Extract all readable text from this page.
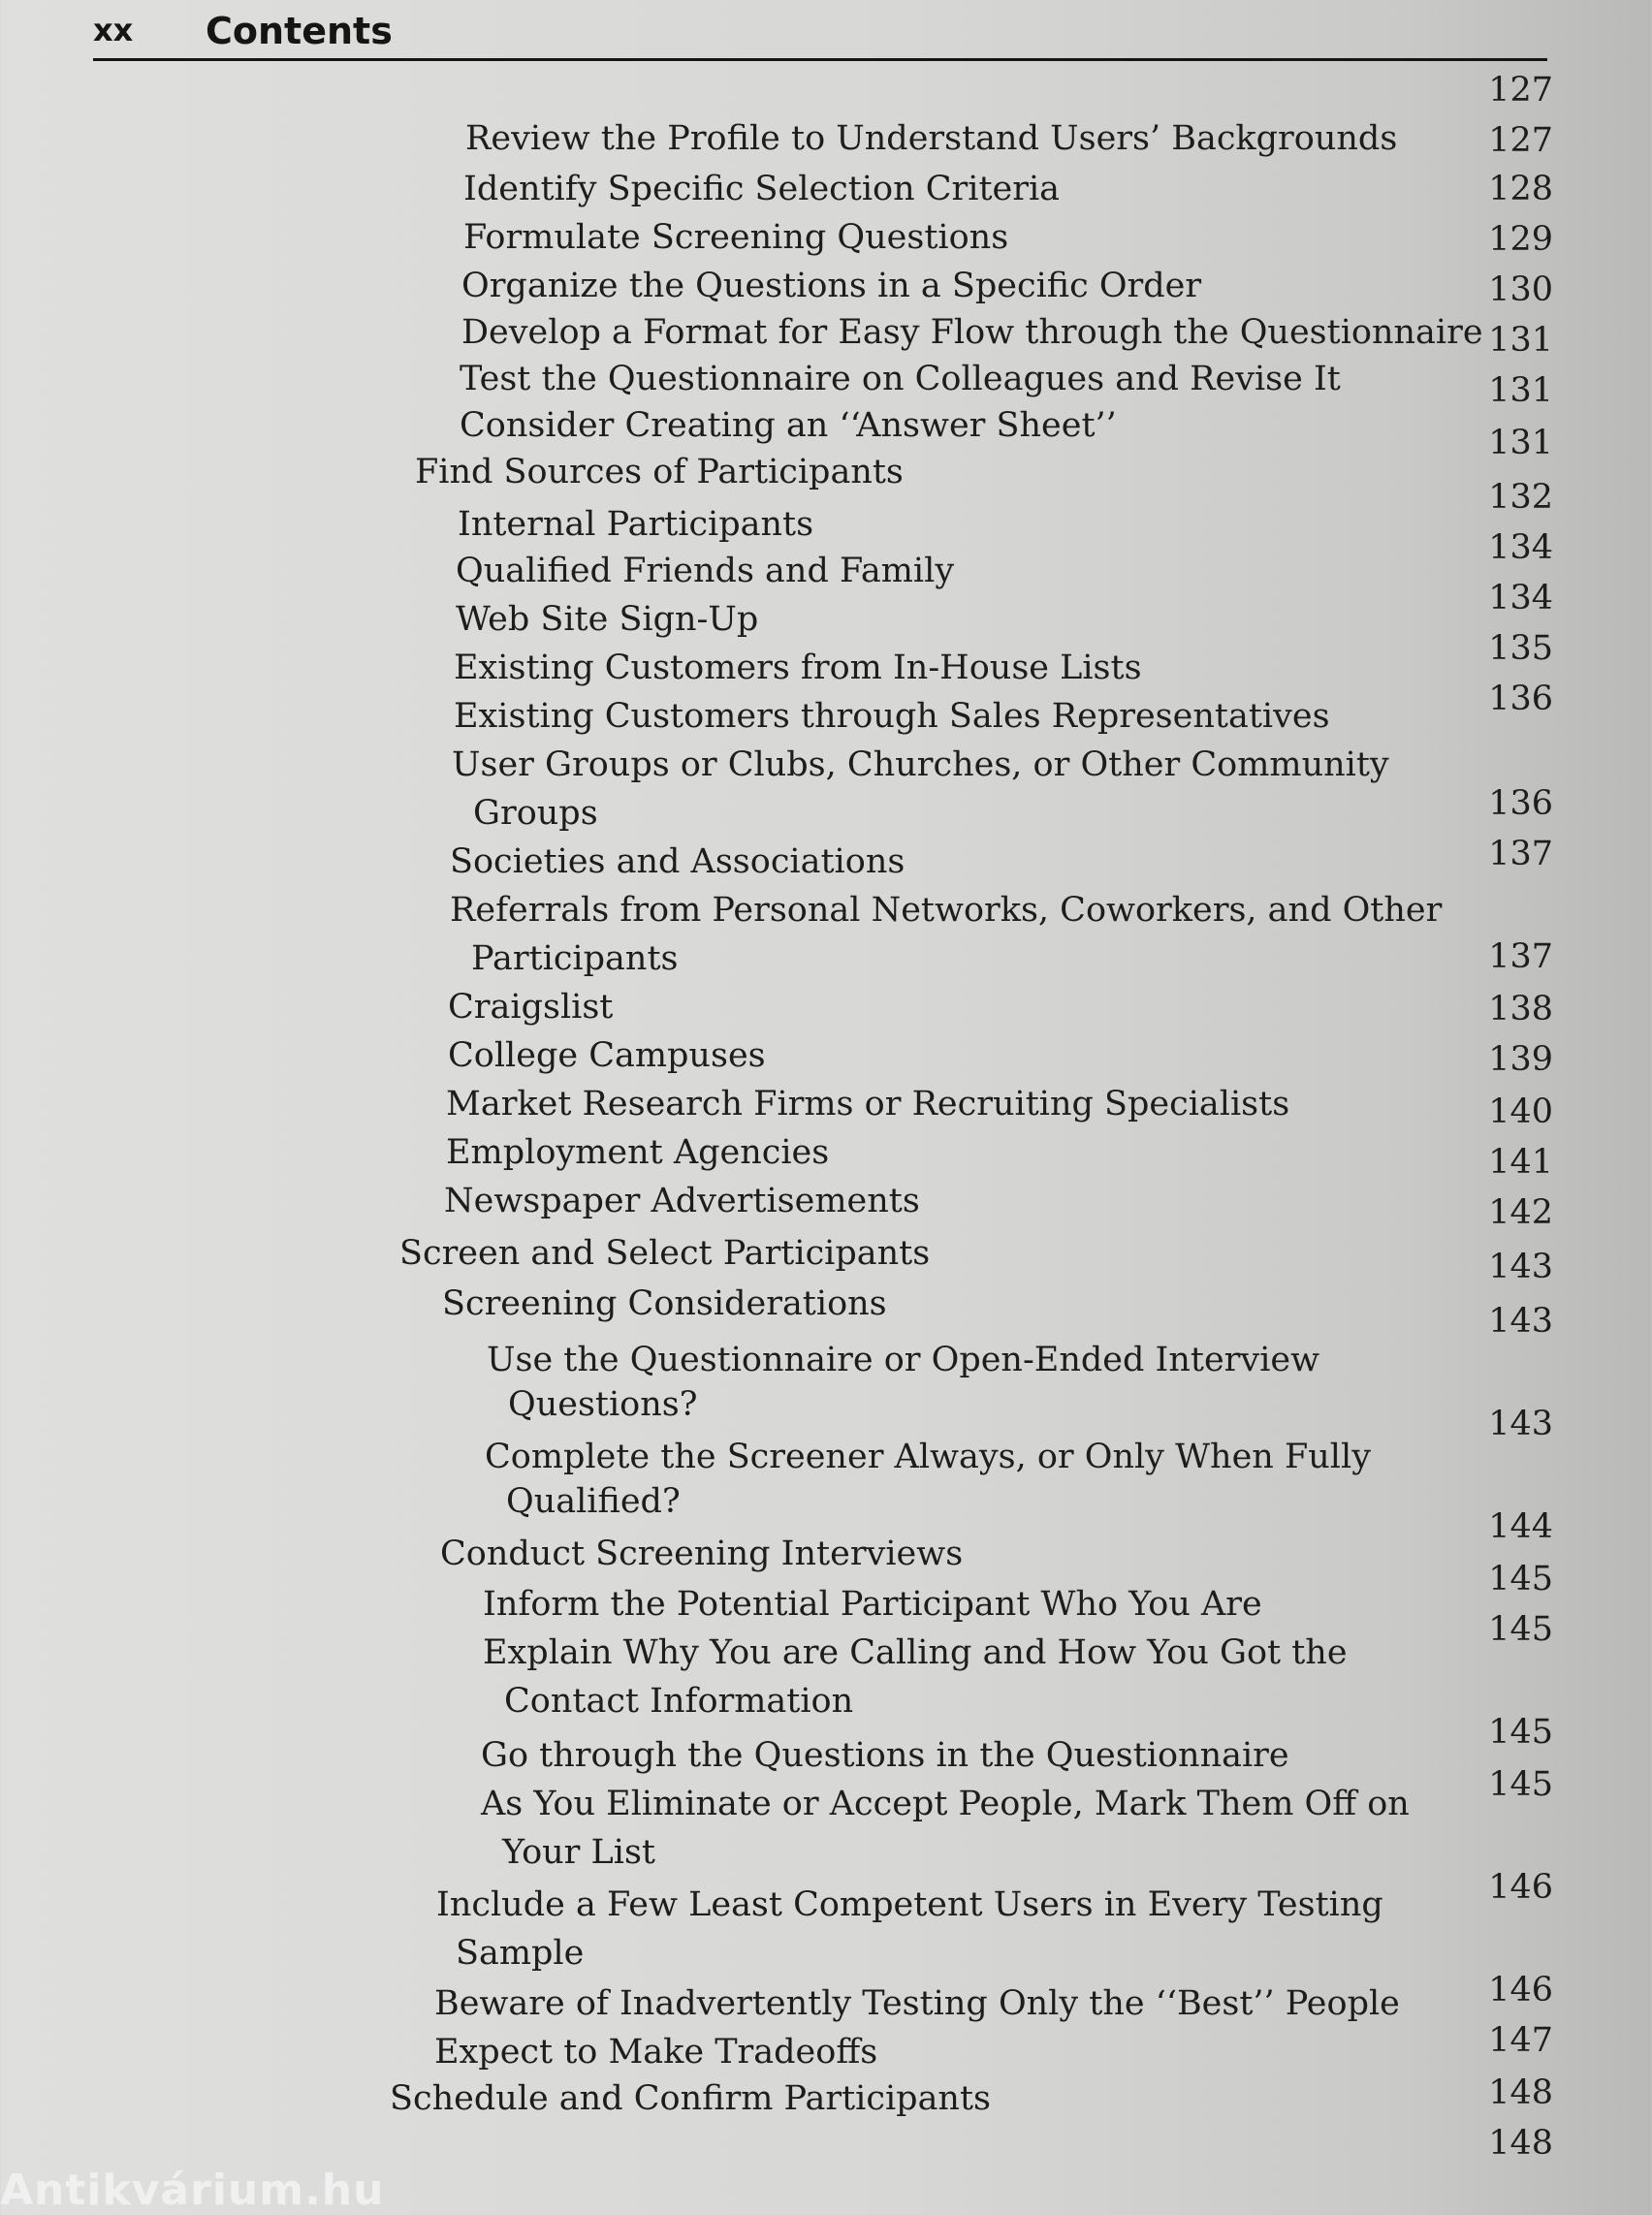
xx Contents
Review the Profile to Understand Users’ Backgrounds
Identify Specific Selection Criteria
Formulate Screening Questions
Organize the Questions in a Specific Order
Develop a Format for Easy Flow through the Questionnaire
Test the Questionnaire on Colleagues and Revise It
Consider Creating an ‘‘Answer Sheet’’
Find Sources of Participants
Internal Participants
Qualified Friends and Family
Web Site Sign-Up
Existing Customers from In-House Lists
Existing Customers through Sales Representatives
User Groups or Clubs, Churches, or Other Community
Groups
Societies and Associations
Referrals from Personal Networks, Coworkers, and Other
Participants
Craigslist
College Campuses
Market Research Firms or Recruiting Specialists
Employment Agencies
Newspaper Advertisements
Screen and Select Participants
Screening Considerations
Use the Questionnaire or Open-Ended Interview
Questions?
Complete the Screener Always, or Only When Fully
Qualified?
Conduct Screening Interviews
Inform the Potential Participant Who You Are
Explain Why You are Calling and How You Got the
Contact Information
Go through the Questions in the Questionnaire
As You Eliminate or Accept People, Mark Them Off on
Your List
Include a Few Least Competent Users in Every Testing
Sample
Beware of Inadvertently Testing Only the ‘‘Best’’ People
Expect to Make Tradeoffs
Schedule and Confirm Participants
127
127
128
129
130
131
131
131
132
134
134
135
136
136
137
137
138
139
140
141
142
143
143
143
144
145
145
145
145
146
146
147
148
148
Antikvárium.hu
